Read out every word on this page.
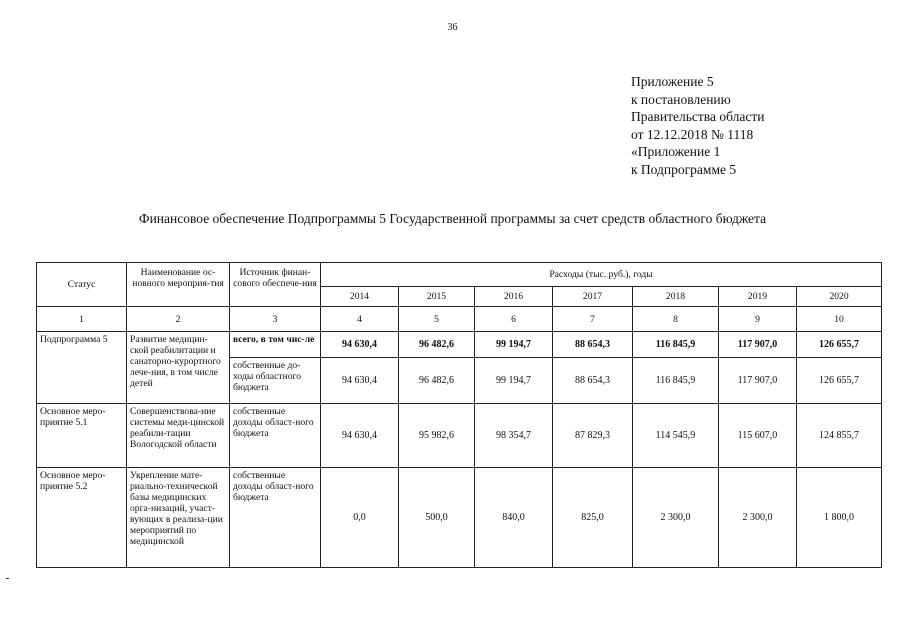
36
Приложение 5
к постановлению
Правительства области
от 12.12.2018 № 1118
«Приложение 1
к Подпрограмме 5
Финансовое обеспечение Подпрограммы 5 Государственной программы за счет средств областного бюджета
Статус	Наименование ос-новного мероприя-тия	Источник финан-сового обеспече-ния	Расходы (тыс. руб.), годы						
			2014	2015	2016	2017	2018	2019	2020
1	2	3	4	5	6	7	8	9	10
Подпрограмма 5	Развитие медицин-ской реабилитации и санаторно-курортного лече-ния, в том числе детей	всего, в том чис-ле	94 630,4	96 482,6	99 194,7	88 654,3	116 845,9	117 907,0	126 655,7
		собственные до-ходы областного бюджета	94 630,4	96 482,6	99 194,7	88 654,3	116 845,9	117 907,0	126 655,7
Основное меро-приятие 5.1	Совершенствова-ние системы меди-цинской реабили-тации Вологодской области	собственные доходы област-ного бюджета	94 630,4	95 982,6	98 354,7	87 829,3	114 545,9	115 607,0	124 855,7
Основное меро-приятие 5.2	Укрепление мате-риально-технической базы медицинских орга-низаций, участ-вующих в реализа-ции мероприятий по медицинской	собственные доходы област-ного бюджета	0,0	500,0	840,0	825,0	2 300,0	2 300,0	1 800,0
